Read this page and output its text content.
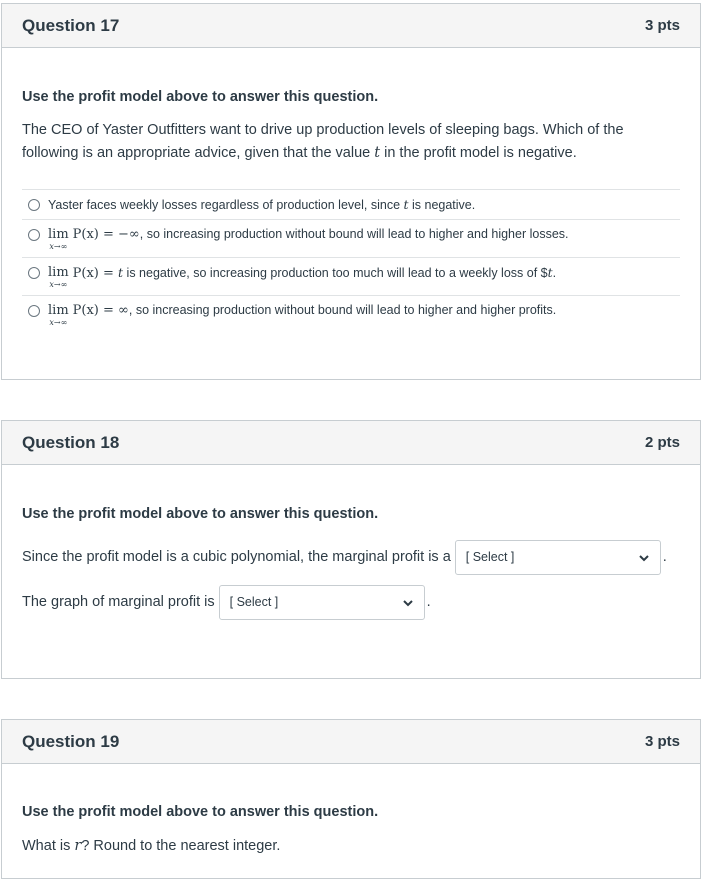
Question 17	3 pts

Use the profit model above to answer this question.

The CEO of Yaster Outfitters want to drive up production levels of sleeping bags. Which of the following is an appropriate advice, given that the value t in the profit model is negative.

Yaster faces weekly losses regardless of production level, since t is negative.
lim
x→∞
P(x) = −∞, so increasing production without bound will lead to higher and higher losses.
lim
x→∞
P(x) = t is negative, so increasing production too much will lead to a weekly loss of $t.
lim
x→∞
P(x) = ∞, so increasing production without bound will lead to higher and higher profits.
Question 18	2 pts

Use the profit model above to answer this question.

Since the profit model is a cubic polynomial, the marginal profit is a [ Select ]	.
The graph of marginal profit is [ Select ]	.
Question 19	3 pts

Use the profit model above to answer this question.

What is r? Round to the nearest integer.
